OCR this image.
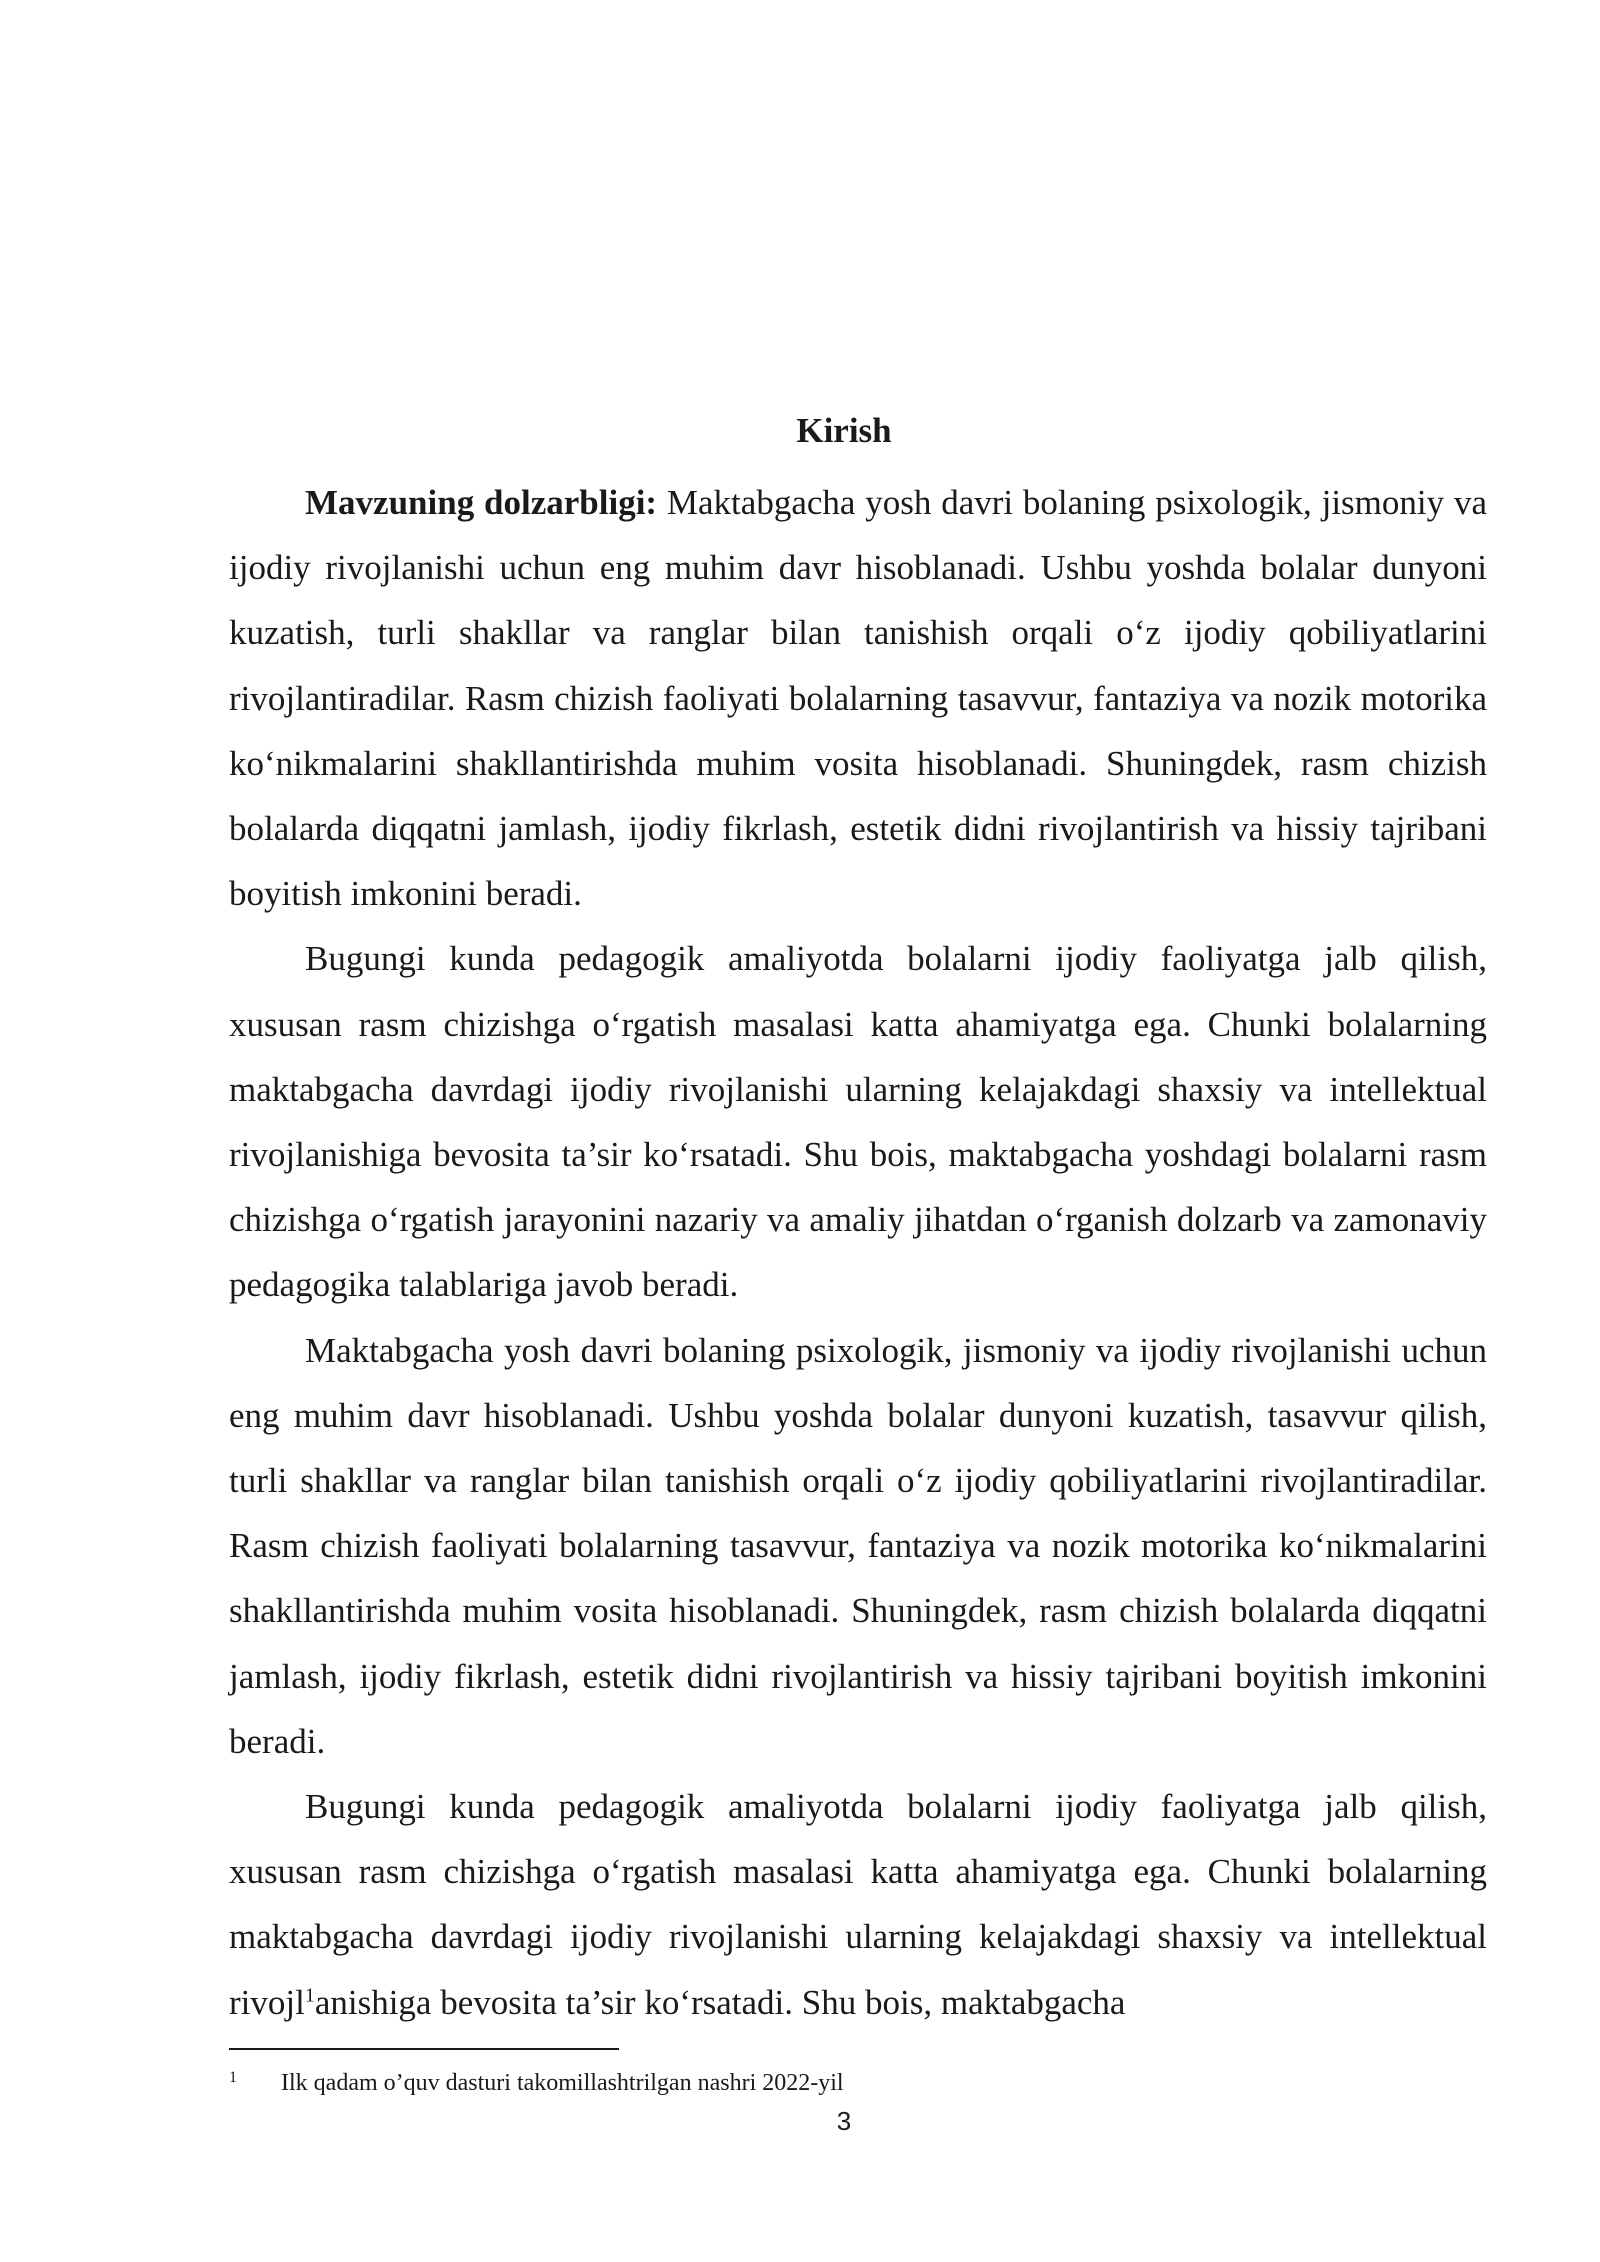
Kirish

Mavzuning dolzarbligi: Maktabgacha yosh davri bolaning psixologik, jismoniy va ijodiy rivojlanishi uchun eng muhim davr hisoblanadi. Ushbu yoshda bolalar dunyoni kuzatish, turli shakllar va ranglar bilan tanishish orqali o‘z ijodiy qobiliyatlarini rivojlantiradilar. Rasm chizish faoliyati bolalarning tasavvur, fantaziya va nozik motorika ko‘nikmalarini shakllantirishda muhim vosita hisoblanadi. Shuningdek, rasm chizish bolalarda diqqatni jamlash, ijodiy fikrlash, estetik didni rivojlantirish va hissiy tajribani boyitish imkonini beradi.

Bugungi kunda pedagogik amaliyotda bolalarni ijodiy faoliyatga jalb qilish, xususan rasm chizishga o‘rgatish masalasi katta ahamiyatga ega. Chunki bolalarning maktabgacha davrdagi ijodiy rivojlanishi ularning kelajakdagi shaxsiy va intellektual rivojlanishiga bevosita ta’sir ko‘rsatadi. Shu bois, maktabgacha yoshdagi bolalarni rasm chizishga o‘rgatish jarayonini nazariy va amaliy jihatdan o‘rganish dolzarb va zamonaviy pedagogika talablariga javob beradi.

Maktabgacha yosh davri bolaning psixologik, jismoniy va ijodiy rivojlanishi uchun eng muhim davr hisoblanadi. Ushbu yoshda bolalar dunyoni kuzatish, tasavvur qilish, turli shakllar va ranglar bilan tanishish orqali o‘z ijodiy qobiliyatlarini rivojlantiradilar. Rasm chizish faoliyati bolalarning tasavvur, fantaziya va nozik motorika ko‘nikmalarini shakllantirishda muhim vosita hisoblanadi. Shuningdek, rasm chizish bolalarda diqqatni jamlash, ijodiy fikrlash, estetik didni rivojlantirish va hissiy tajribani boyitish imkonini beradi.

Bugungi kunda pedagogik amaliyotda bolalarni ijodiy faoliyatga jalb qilish, xususan rasm chizishga o‘rgatish masalasi katta ahamiyatga ega. Chunki bolalarning maktabgacha davrdagi ijodiy rivojlanishi ularning kelajakdagi shaxsiy va intellektual rivojl$^1$anishiga bevosita ta’sir ko‘rsatadi. Shu bois, maktabgacha

1 Ilk qadam o’quv dasturi takomillashtrilgan nashri 2022-yil
3
